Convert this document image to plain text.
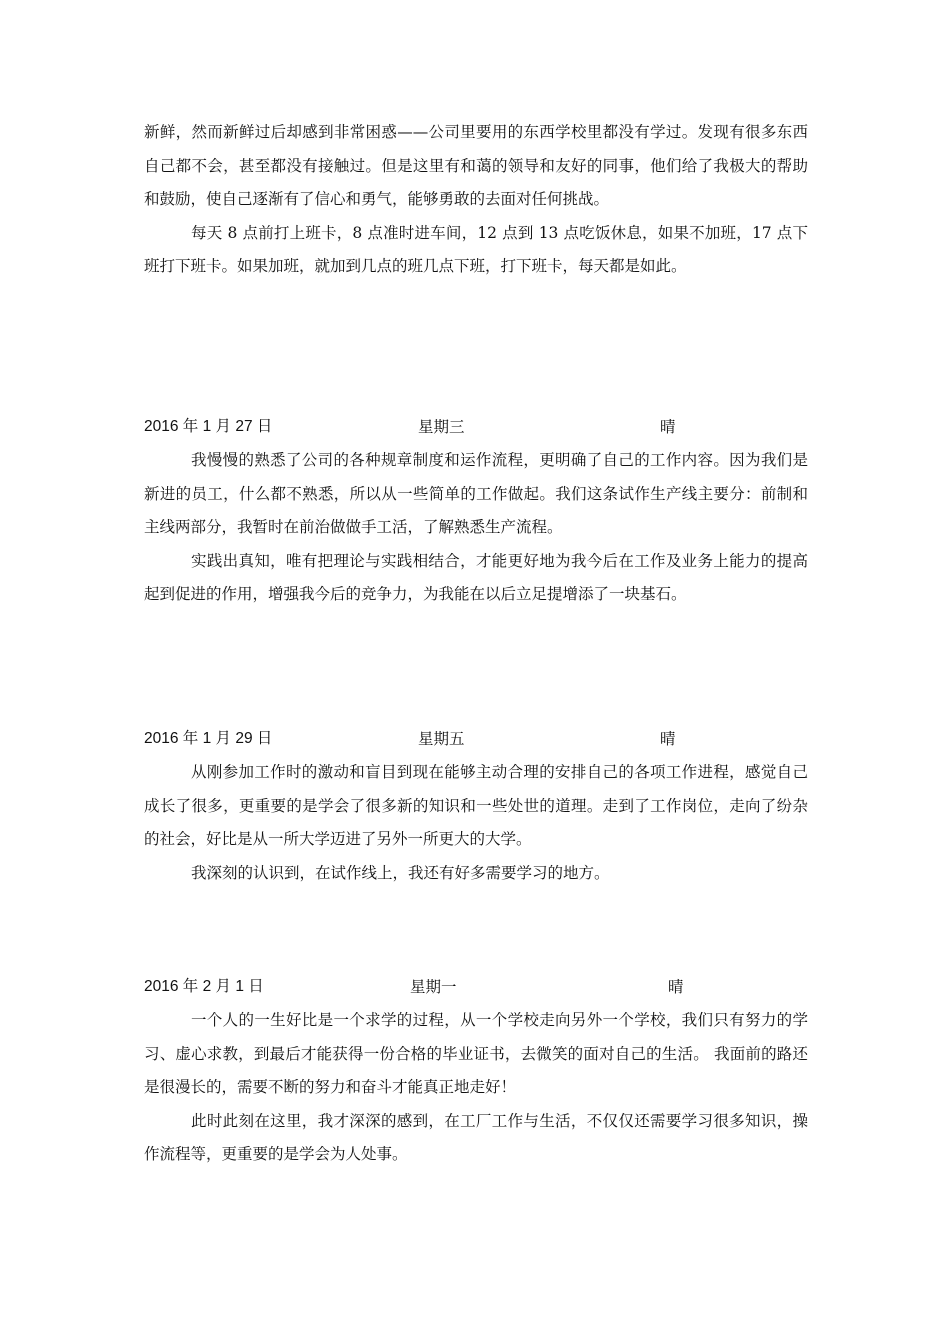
新鲜，然而新鲜过后却感到非常困惑——公司里要用的东西学校里都没有学过。发现有很多东西自己都不会，甚至都没有接触过。但是这里有和蔼的领导和友好的同事，他们给了我极大的帮助和鼓励，使自己逐渐有了信心和勇气，能够勇敢的去面对任何挑战。

每天 8 点前打上班卡，8 点准时进车间，12 点到 13 点吃饭休息，如果不加班，17 点下班打下班卡。如果加班，就加到几点的班几点下班，打下班卡，每天都是如此。

2016 年 1 月 27 日	星期三	晴

我慢慢的熟悉了公司的各种规章制度和运作流程，更明确了自己的工作内容。因为我们是新进的员工，什么都不熟悉，所以从一些简单的工作做起。我们这条试作生产线主要分：前制和主线两部分，我暂时在前治做做手工活，了解熟悉生产流程。

实践出真知，唯有把理论与实践相结合，才能更好地为我今后在工作及业务上能力的提高起到促进的作用，增强我今后的竞争力，为我能在以后立足提增添了一块基石。

2016 年 1 月 29 日	星期五	晴

从刚参加工作时的激动和盲目到现在能够主动合理的安排自己的各项工作进程，感觉自己成长了很多，更重要的是学会了很多新的知识和一些处世的道理。走到了工作岗位，走向了纷杂的社会，好比是从一所大学迈进了另外一所更大的大学。

我深刻的认识到，在试作线上，我还有好多需要学习的地方。

2016 年 2 月 1 日	星期一	晴

一个人的一生好比是一个求学的过程，从一个学校走向另外一个学校，我们只有努力的学习、虚心求教，到最后才能获得一份合格的毕业证书，去微笑的面对自己的生活。 我面前的路还是很漫长的，需要不断的努力和奋斗才能真正地走好！

此时此刻在这里，我才深深的感到，在工厂工作与生活，不仅仅还需要学习很多知识，操作流程等，更重要的是学会为人处事。
